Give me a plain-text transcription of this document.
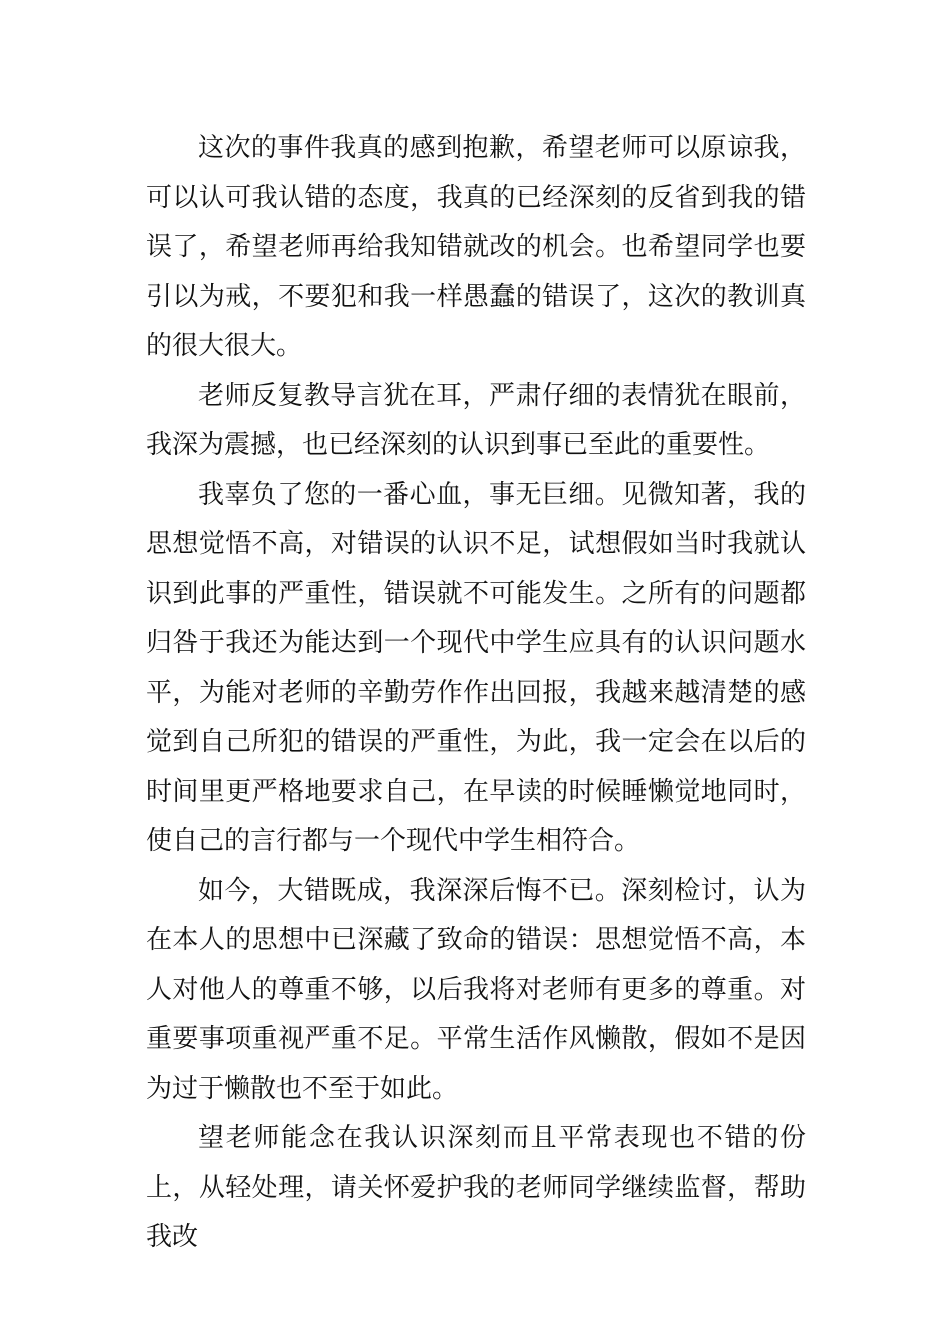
这次的事件我真的感到抱歉，希望老师可以原谅我，可以认可我认错的态度，我真的已经深刻的反省到我的错误了，希望老师再给我知错就改的机会。也希望同学也要引以为戒，不要犯和我一样愚蠢的错误了，这次的教训真的很大很大。

老师反复教导言犹在耳，严肃仔细的表情犹在眼前，我深为震撼，也已经深刻的认识到事已至此的重要性。

我辜负了您的一番心血，事无巨细。见微知著，我的思想觉悟不高，对错误的认识不足，试想假如当时我就认识到此事的严重性，错误就不可能发生。之所有的问题都归咎于我还为能达到一个现代中学生应具有的认识问题水平，为能对老师的辛勤劳作作出回报，我越来越清楚的感觉到自己所犯的错误的严重性，为此，我一定会在以后的时间里更严格地要求自己，在早读的时候睡懒觉地同时，使自己的言行都与一个现代中学生相符合。

如今，大错既成，我深深后悔不已。深刻检讨，认为在本人的思想中已深藏了致命的错误：思想觉悟不高，本人对他人的尊重不够，以后我将对老师有更多的尊重。对重要事项重视严重不足。平常生活作风懒散，假如不是因为过于懒散也不至于如此。

望老师能念在我认识深刻而且平常表现也不错的份上，从轻处理，请关怀爱护我的老师同学继续监督，帮助我改
